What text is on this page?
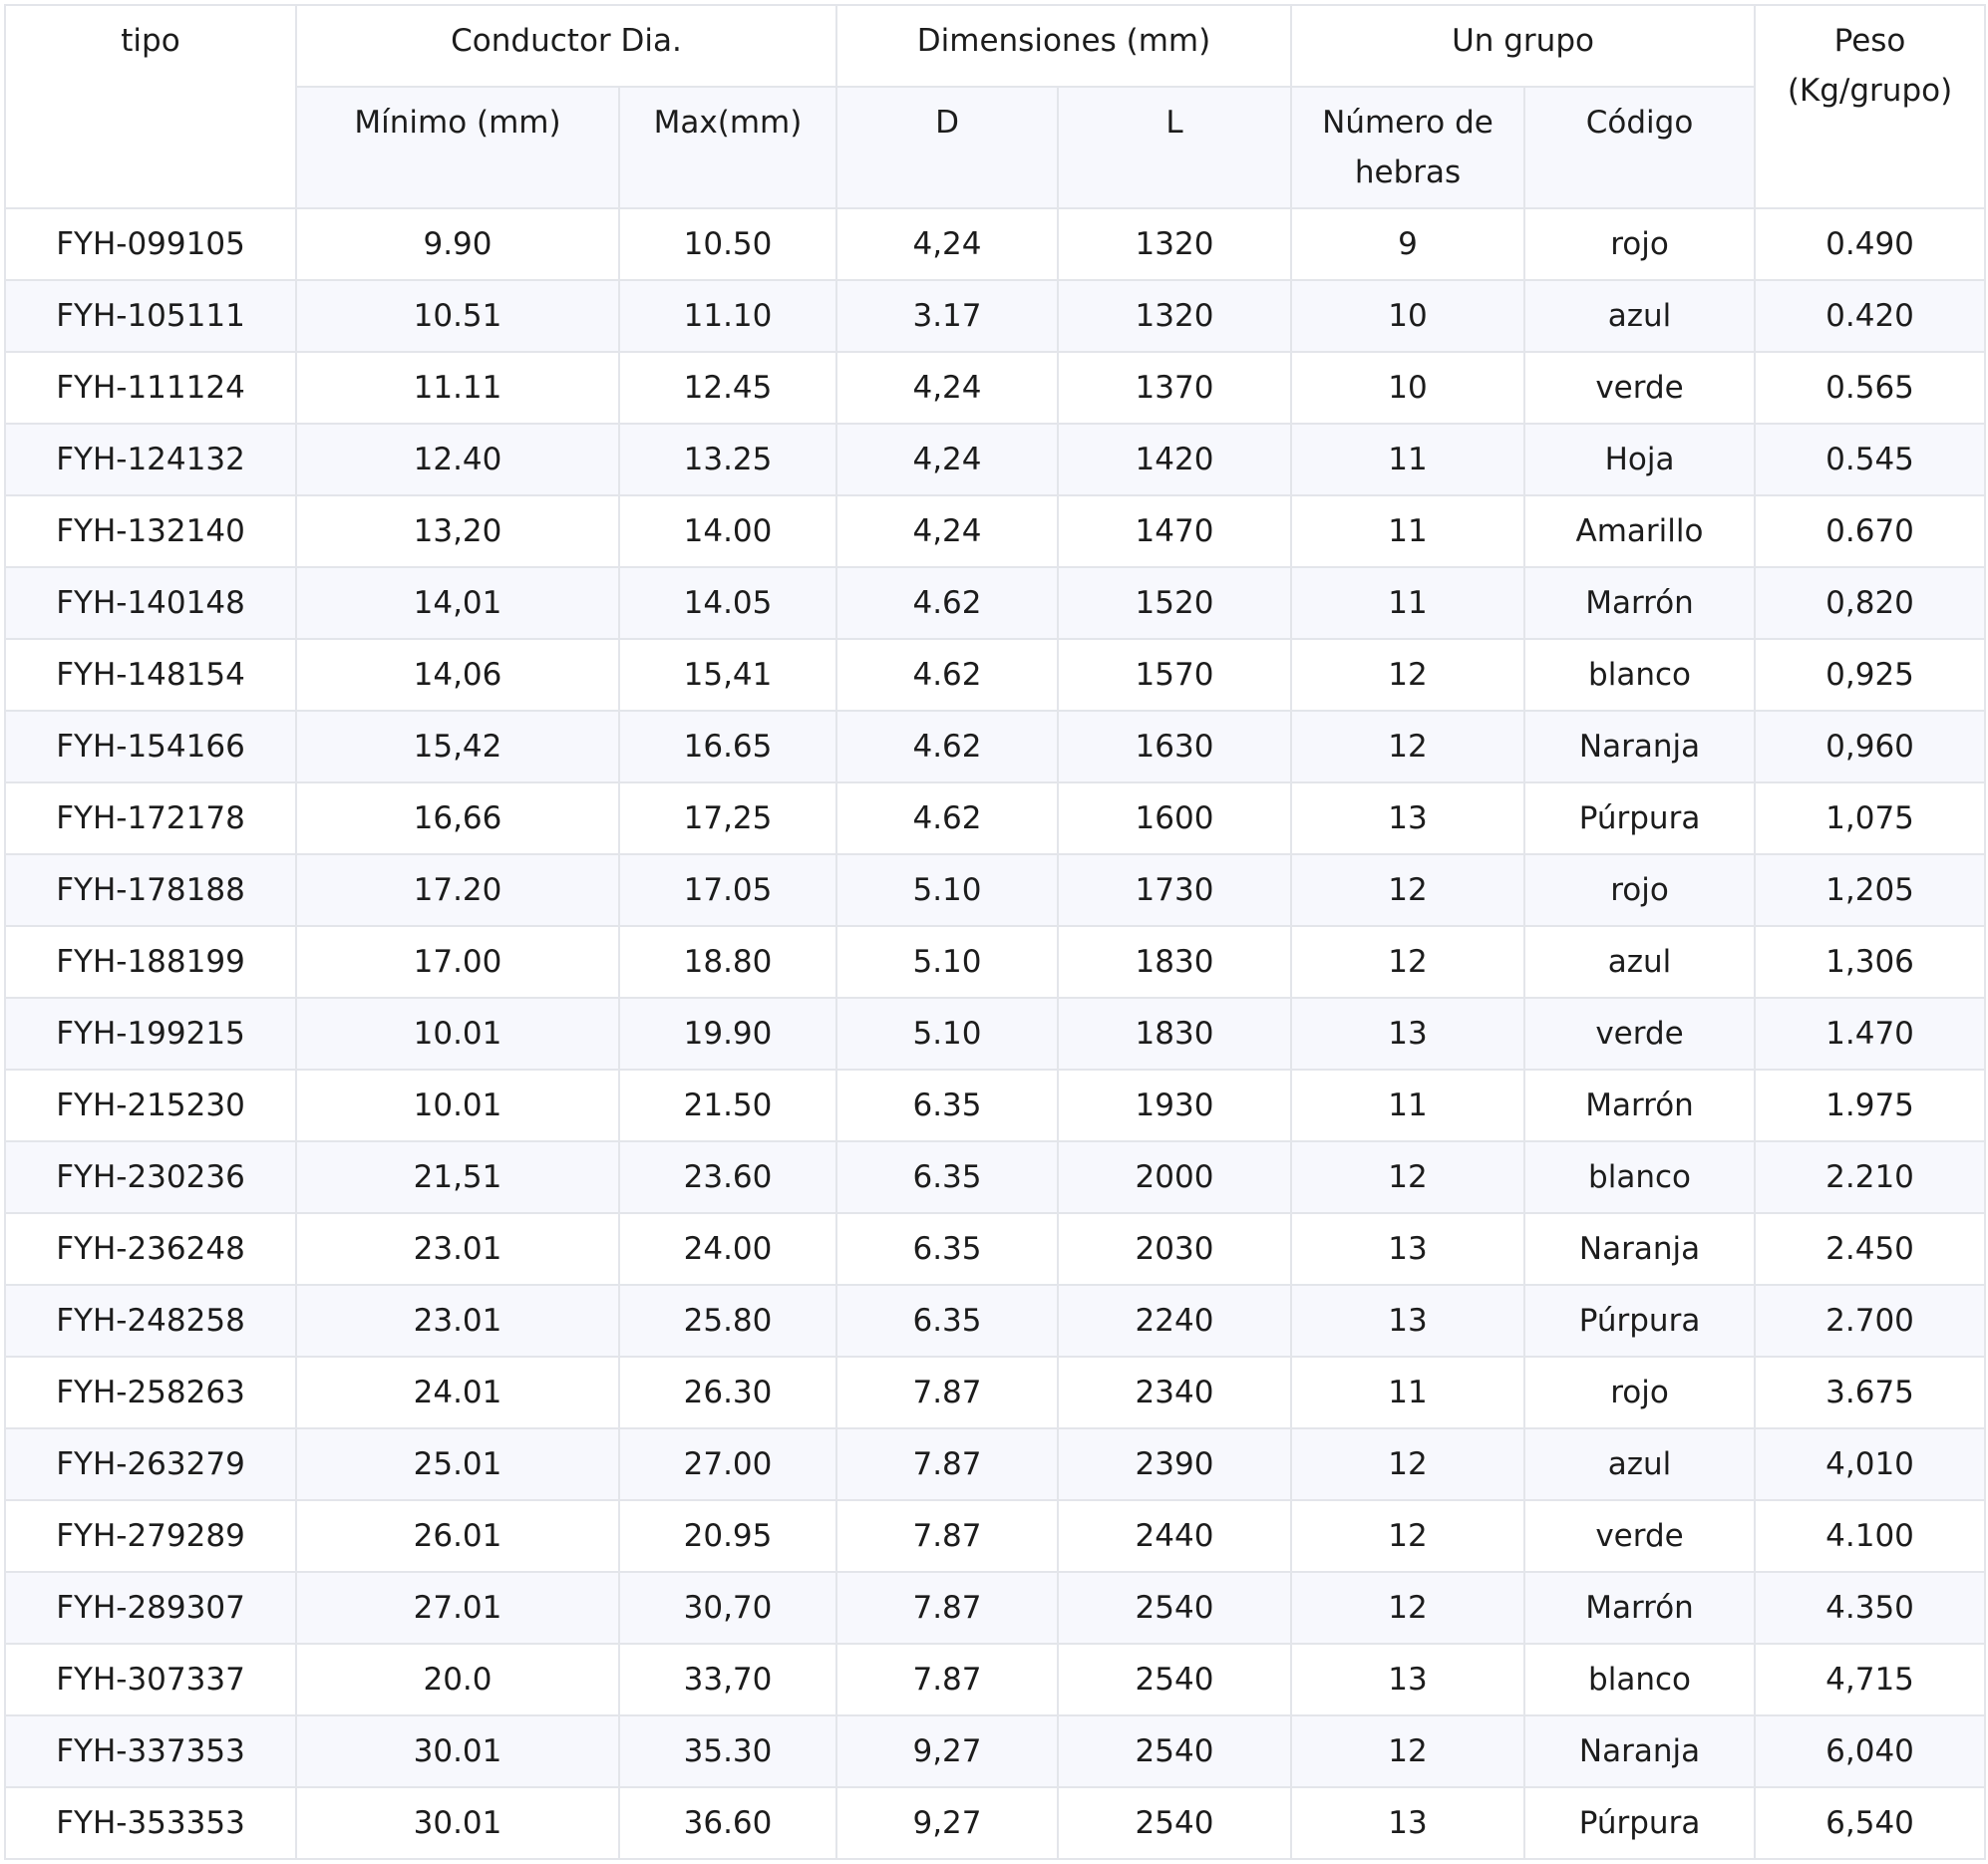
tipo	Conductor Dia.		Dimensiones (mm)		Un grupo		Peso (Kg/grupo)
	Mínimo (mm)	Max(mm)	D	L	Número de hebras	Código	
FYH-099105	9.90	10.50	4,24	1320	9	rojo	0.490
FYH-105111	10.51	11.10	3.17	1320	10	azul	0.420
FYH-111124	11.11	12.45	4,24	1370	10	verde	0.565
FYH-124132	12.40	13.25	4,24	1420	11	Hoja	0.545
FYH-132140	13,20	14.00	4,24	1470	11	Amarillo	0.670
FYH-140148	14,01	14.05	4.62	1520	11	Marrón	0,820
FYH-148154	14,06	15,41	4.62	1570	12	blanco	0,925
FYH-154166	15,42	16.65	4.62	1630	12	Naranja	0,960
FYH-172178	16,66	17,25	4.62	1600	13	Púrpura	1,075
FYH-178188	17.20	17.05	5.10	1730	12	rojo	1,205
FYH-188199	17.00	18.80	5.10	1830	12	azul	1,306
FYH-199215	10.01	19.90	5.10	1830	13	verde	1.470
FYH-215230	10.01	21.50	6.35	1930	11	Marrón	1.975
FYH-230236	21,51	23.60	6.35	2000	12	blanco	2.210
FYH-236248	23.01	24.00	6.35	2030	13	Naranja	2.450
FYH-248258	23.01	25.80	6.35	2240	13	Púrpura	2.700
FYH-258263	24.01	26.30	7.87	2340	11	rojo	3.675
FYH-263279	25.01	27.00	7.87	2390	12	azul	4,010
FYH-279289	26.01	20.95	7.87	2440	12	verde	4.100
FYH-289307	27.01	30,70	7.87	2540	12	Marrón	4.350
FYH-307337	20.0	33,70	7.87	2540	13	blanco	4,715
FYH-337353	30.01	35.30	9,27	2540	12	Naranja	6,040
FYH-353353	30.01	36.60	9,27	2540	13	Púrpura	6,540
